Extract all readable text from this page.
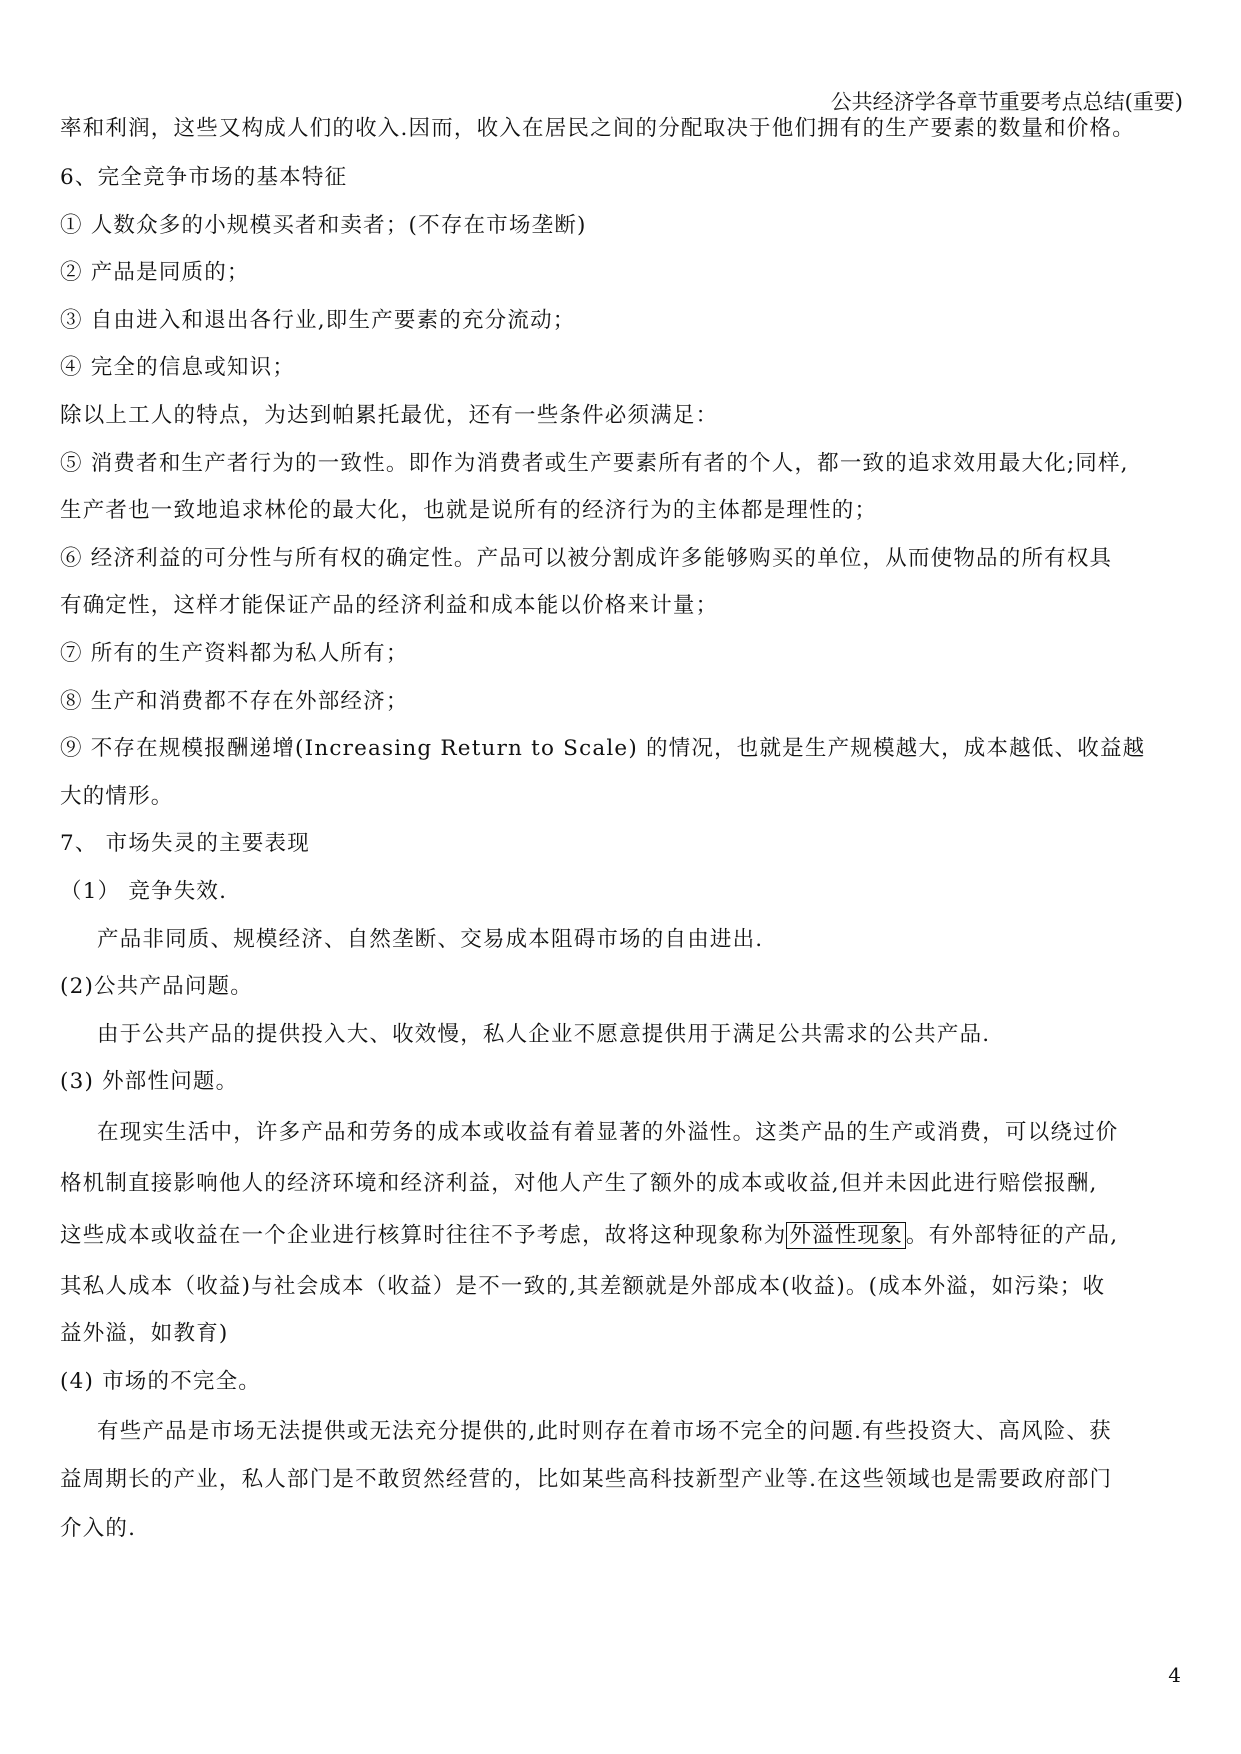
公共经济学各章节重要考点总结(重要)
率和利润，这些又构成人们的收入.因而，收入在居民之间的分配取决于他们拥有的生产要素的数量和价格。
6、完全竞争市场的基本特征
① 人数众多的小规模买者和卖者；(不存在市场垄断)
② 产品是同质的；
③ 自由进入和退出各行业,即生产要素的充分流动；
④ 完全的信息或知识；
除以上工人的特点，为达到帕累托最优，还有一些条件必须满足：
⑤ 消费者和生产者行为的一致性。即作为消费者或生产要素所有者的个人，都一致的追求效用最大化;同样,
生产者也一致地追求林伦的最大化，也就是说所有的经济行为的主体都是理性的；
⑥ 经济利益的可分性与所有权的确定性。产品可以被分割成许多能够购买的单位，从而使物品的所有权具
有确定性，这样才能保证产品的经济利益和成本能以价格来计量；
⑦ 所有的生产资料都为私人所有；
⑧ 生产和消费都不存在外部经济；
⑨ 不存在规模报酬递增(Increasing Return to Scale) 的情况，也就是生产规模越大，成本越低、收益越
大的情形。
7、 市场失灵的主要表现
（1） 竞争失效.
产品非同质、规模经济、自然垄断、交易成本阻碍市场的自由进出.
(2)公共产品问题。
由于公共产品的提供投入大、收效慢，私人企业不愿意提供用于满足公共需求的公共产品.
(3) 外部性问题。
在现实生活中，许多产品和劳务的成本或收益有着显著的外溢性。这类产品的生产或消费，可以绕过价
格机制直接影响他人的经济环境和经济利益，对他人产生了额外的成本或收益,但并未因此进行赔偿报酬,
这些成本或收益在一个企业进行核算时往往不予考虑，故将这种现象称为 外溢性现象 。有外部特征的产品,
其私人成本（收益)与社会成本（收益）是不一致的,其差额就是外部成本(收益)。(成本外溢，如污染；收
益外溢，如教育)
(4) 市场的不完全。
有些产品是市场无法提供或无法充分提供的,此时则存在着市场不完全的问题.有些投资大、高风险、获
益周期长的产业，私人部门是不敢贸然经营的，比如某些高科技新型产业等.在这些领域也是需要政府部门
介入的.
4
